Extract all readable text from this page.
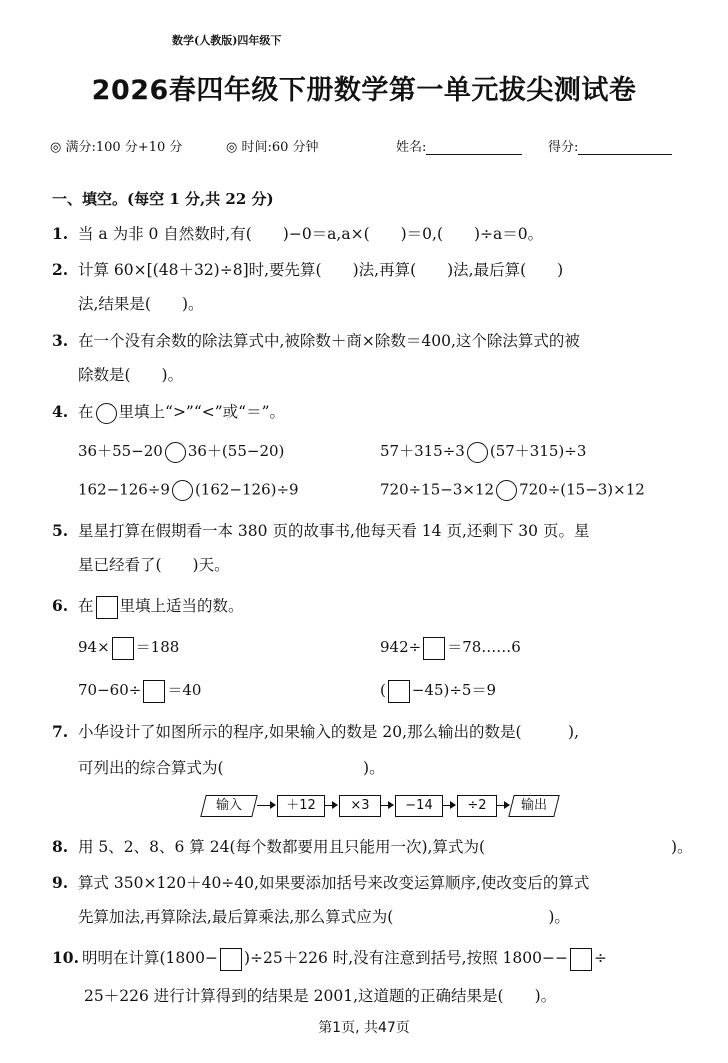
数学(人教版)四年级下
2026春四年级下册数学第一单元拔尖测试卷
◎ 满分:100 分+10 分	◎ 时间:60 分钟	姓名:	得分:
一、填空。(每空 1 分,共 22 分)
1. 当 a 为非 0 自然数时,有(　　)−0＝a,a×(　　)＝0,(　　)÷a＝0。
2. 计算 60×[(48＋32)÷8]时,要先算(　　)法,再算(　　)法,最后算(　　)
法,结果是(　　)。
3. 在一个没有余数的除法算式中,被除数＋商×除数＝400,这个除法算式的被
除数是(　　)。
4. 在 里填上“>”“<”或“＝”。
36＋55−20 36＋(55−20)	57＋315÷3 (57＋315)÷3
162−126÷9 (162−126)÷9	720÷15−3×12 720÷(15−3)×12
5. 星星打算在假期看一本 380 页的故事书,他每天看 14 页,还剩下 30 页。星
星已经看了(　　)天。
6. 在 里填上适当的数。
94× ＝188	942÷ ＝78……6
70−60÷ ＝40	( −45)÷5＝9
7. 小华设计了如图所示的程序,如果输入的数是 20,那么输出的数是(　　　),
可列出的综合算式为(　　　　　　　　　)。
输入	＋12	×3	−14	÷2	输出
8. 用 5、2、8、6 算 24(每个数都要用且只能用一次),算式为(　　　　　　　　　　　　)。
9. 算式 350×120＋40÷40,如果要添加括号来改变运算顺序,使改变后的算式
先算加法,再算除法,最后算乘法,那么算式应为(　　　　　　　　　　)。
10. 明明在计算(1800− )÷25＋226 时,没有注意到括号,按照 1800−− ÷
25＋226 进行计算得到的结果是 2001,这道题的正确结果是(　　)。
第1页, 共47页
